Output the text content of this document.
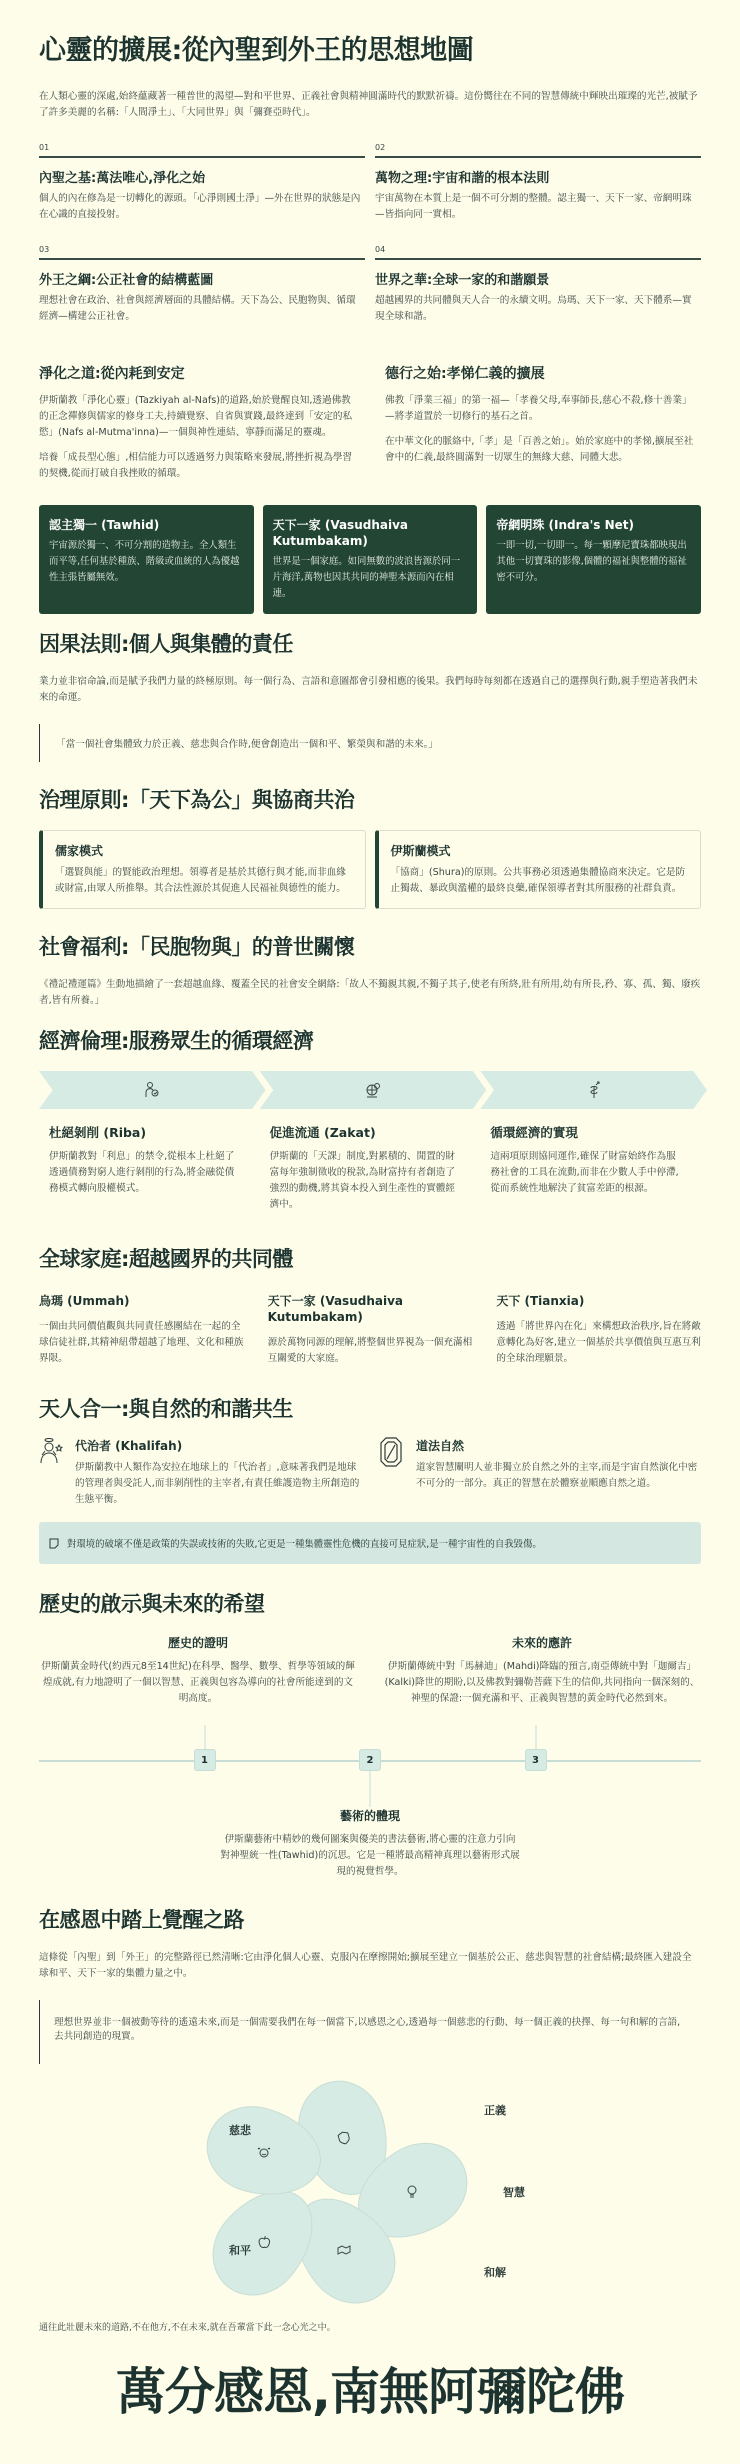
心靈的擴展:從內聖到外王的思想地圖

在人類心靈的深處,始終蘊藏著一種普世的渴望—對和平世界、正義社會與精神圓滿時代的默默祈禱。這份嚮往在不同的智慧傳統中輝映出璀璨的光芒,被賦予了許多美麗的名稱:「人間淨土」、「大同世界」與「彌賽亞時代」。

01
內聖之基:萬法唯心,淨化之始

個人的內在修為是一切轉化的源頭。「心淨則國土淨」—外在世界的狀態是內在心識的直接投射。

02
萬物之理:宇宙和諧的根本法則

宇宙萬物在本質上是一個不可分割的整體。認主獨一、天下一家、帝網明珠—皆指向同一實相。

03
外王之綱:公正社會的結構藍圖

理想社會在政治、社會與經濟層面的具體結構。天下為公、民胞物與、循環經濟—構建公正社會。

04
世界之華:全球一家的和諧願景

超越國界的共同體與天人合一的永續文明。烏瑪、天下一家、天下體系—實現全球和諧。

淨化之道:從內耗到安定

伊斯蘭教「淨化心靈」(Tazkiyah al-Nafs)的道路,始於覺醒良知,透過佛教的正念禪修與儒家的修身工夫,持續覺察、自省與實踐,最終達到「安定的私慾」(Nafs al-Mutma'inna)—一個與神性連結、寧靜而滿足的靈魂。

培養「成長型心態」,相信能力可以透過努力與策略來發展,將挫折視為學習的契機,從而打破自我挫敗的循環。

德行之始:孝悌仁義的擴展

佛教「淨業三福」的第一福—「孝養父母,奉事師長,慈心不殺,修十善業」—將孝道置於一切修行的基石之首。

在中華文化的脈絡中,「孝」是「百善之始」。始於家庭中的孝悌,擴展至社會中的仁義,最終圓滿對一切眾生的無緣大慈、同體大悲。

認主獨一 (Tawhid)
宇宙源於獨一、不可分割的造物主。全人類生而平等,任何基於種族、階級或血統的人為優越性主張皆屬無效。
天下一家 (Vasudhaiva Kutumbakam)
世界是一個家庭。如同無數的波浪皆源於同一片海洋,萬物也因其共同的神聖本源而內在相連。
帝網明珠 (Indra's Net)
一即一切,一切即一。每一顆摩尼寶珠都映現出其他一切寶珠的影像,個體的福祉與整體的福祉密不可分。
因果法則:個人與集體的責任

業力並非宿命論,而是賦予我們力量的終極原則。每一個行為、言語和意圖都會引發相應的後果。我們每時每刻都在透過自己的選擇與行動,親手塑造著我們未來的命運。

「當一個社會集體致力於正義、慈悲與合作時,便會創造出一個和平、繁榮與和諧的未來。」
治理原則:「天下為公」與協商共治
儒家模式

「選賢與能」的賢能政治理想。領導者是基於其德行與才能,而非血緣或財富,由眾人所推舉。其合法性源於其促進人民福祉與德性的能力。

伊斯蘭模式

「協商」(Shura)的原則。公共事務必須透過集體協商來決定。它是防止獨裁、暴政與濫權的最終良藥,確保領導者對其所服務的社群負責。

社會福利:「民胞物與」的普世關懷

《禮記禮運篇》生動地描繪了一套超越血緣、覆蓋全民的社會安全網絡:「故人不獨親其親,不獨子其子,使老有所終,壯有所用,幼有所長,矜、寡、孤、獨、廢疾者,皆有所養。」

經濟倫理:服務眾生的循環經濟
杜絕剝削 (Riba)

伊斯蘭教對「利息」的禁令,從根本上杜絕了透過債務對窮人進行剝削的行為,將金融從債務模式轉向股權模式。

促進流通 (Zakat)

伊斯蘭的「天課」制度,對累積的、閒置的財富每年強制徵收的稅款,為財富持有者創造了強烈的動機,將其資本投入到生產性的實體經濟中。

循環經濟的實現

這兩項原則協同運作,確保了財富始終作為服務社會的工具在流動,而非在少數人手中停滯,從而系統性地解決了貧富差距的根源。

全球家庭:超越國界的共同體
烏瑪 (Ummah)

一個由共同價值觀與共同責任感團結在一起的全球信徒社群,其精神紐帶超越了地理、文化和種族界限。

天下一家 (Vasudhaiva Kutumbakam)

源於萬物同源的理解,將整個世界視為一個充滿相互關愛的大家庭。

天下 (Tianxia)

透過「將世界內在化」來構想政治秩序,旨在將敵意轉化為好客,建立一個基於共享價值與互惠互利的全球治理願景。

天人合一:與自然的和諧共生
代治者 (Khalifah)

伊斯蘭教中人類作為安拉在地球上的「代治者」,意味著我們是地球的管理者與受託人,而非剝削性的主宰者,有責任維護造物主所創造的生態平衡。

道法自然

道家智慧闡明人並非獨立於自然之外的主宰,而是宇宙自然演化中密不可分的一部分。真正的智慧在於體察並順應自然之道。

對環境的破壞不僅是政策的失誤或技術的失敗,它更是一種集體靈性危機的直接可見症狀,是一種宇宙性的自我毀傷。
歷史的啟示與未來的希望
歷史的證明

伊斯蘭黃金時代(約西元8至14世紀)在科學、醫學、數學、哲學等領域的輝煌成就,有力地證明了一個以智慧、正義與包容為導向的社會所能達到的文明高度。

未來的應許

伊斯蘭傳統中對「馬赫迪」(Mahdi)降臨的預言,南亞傳統中對「迦爾吉」(Kalki)降世的期盼,以及佛教對彌勒菩薩下生的信仰,共同指向一個深刻的、神聖的保證:一個充滿和平、正義與智慧的黃金時代必然到來。

1	2	3
藝術的體現

伊斯蘭藝術中精妙的幾何圖案與優美的書法藝術,將心靈的注意力引向對神聖統一性(Tawhid)的沉思。它是一種將最高精神真理以藝術形式展現的視覺哲學。

在感恩中踏上覺醒之路

這條從「內聖」到「外王」的完整路徑已然清晰:它由淨化個人心靈、克服內在摩擦開始;擴展至建立一個基於公正、慈悲與智慧的社會結構;最終匯入建設全球和平、天下一家的集體力量之中。

理想世界並非一個被動等待的遙遠未來,而是一個需要我們在每一個當下,以感恩之心,透過每一個慈悲的行動、每一個正義的抉擇、每一句和解的言語,去共同創造的現實。
慈悲
正義
智慧
和解
和平

通往此壯麗未來的道路,不在他方,不在未來,就在吾輩當下此一念心光之中。

萬分感恩,南無阿彌陀佛
